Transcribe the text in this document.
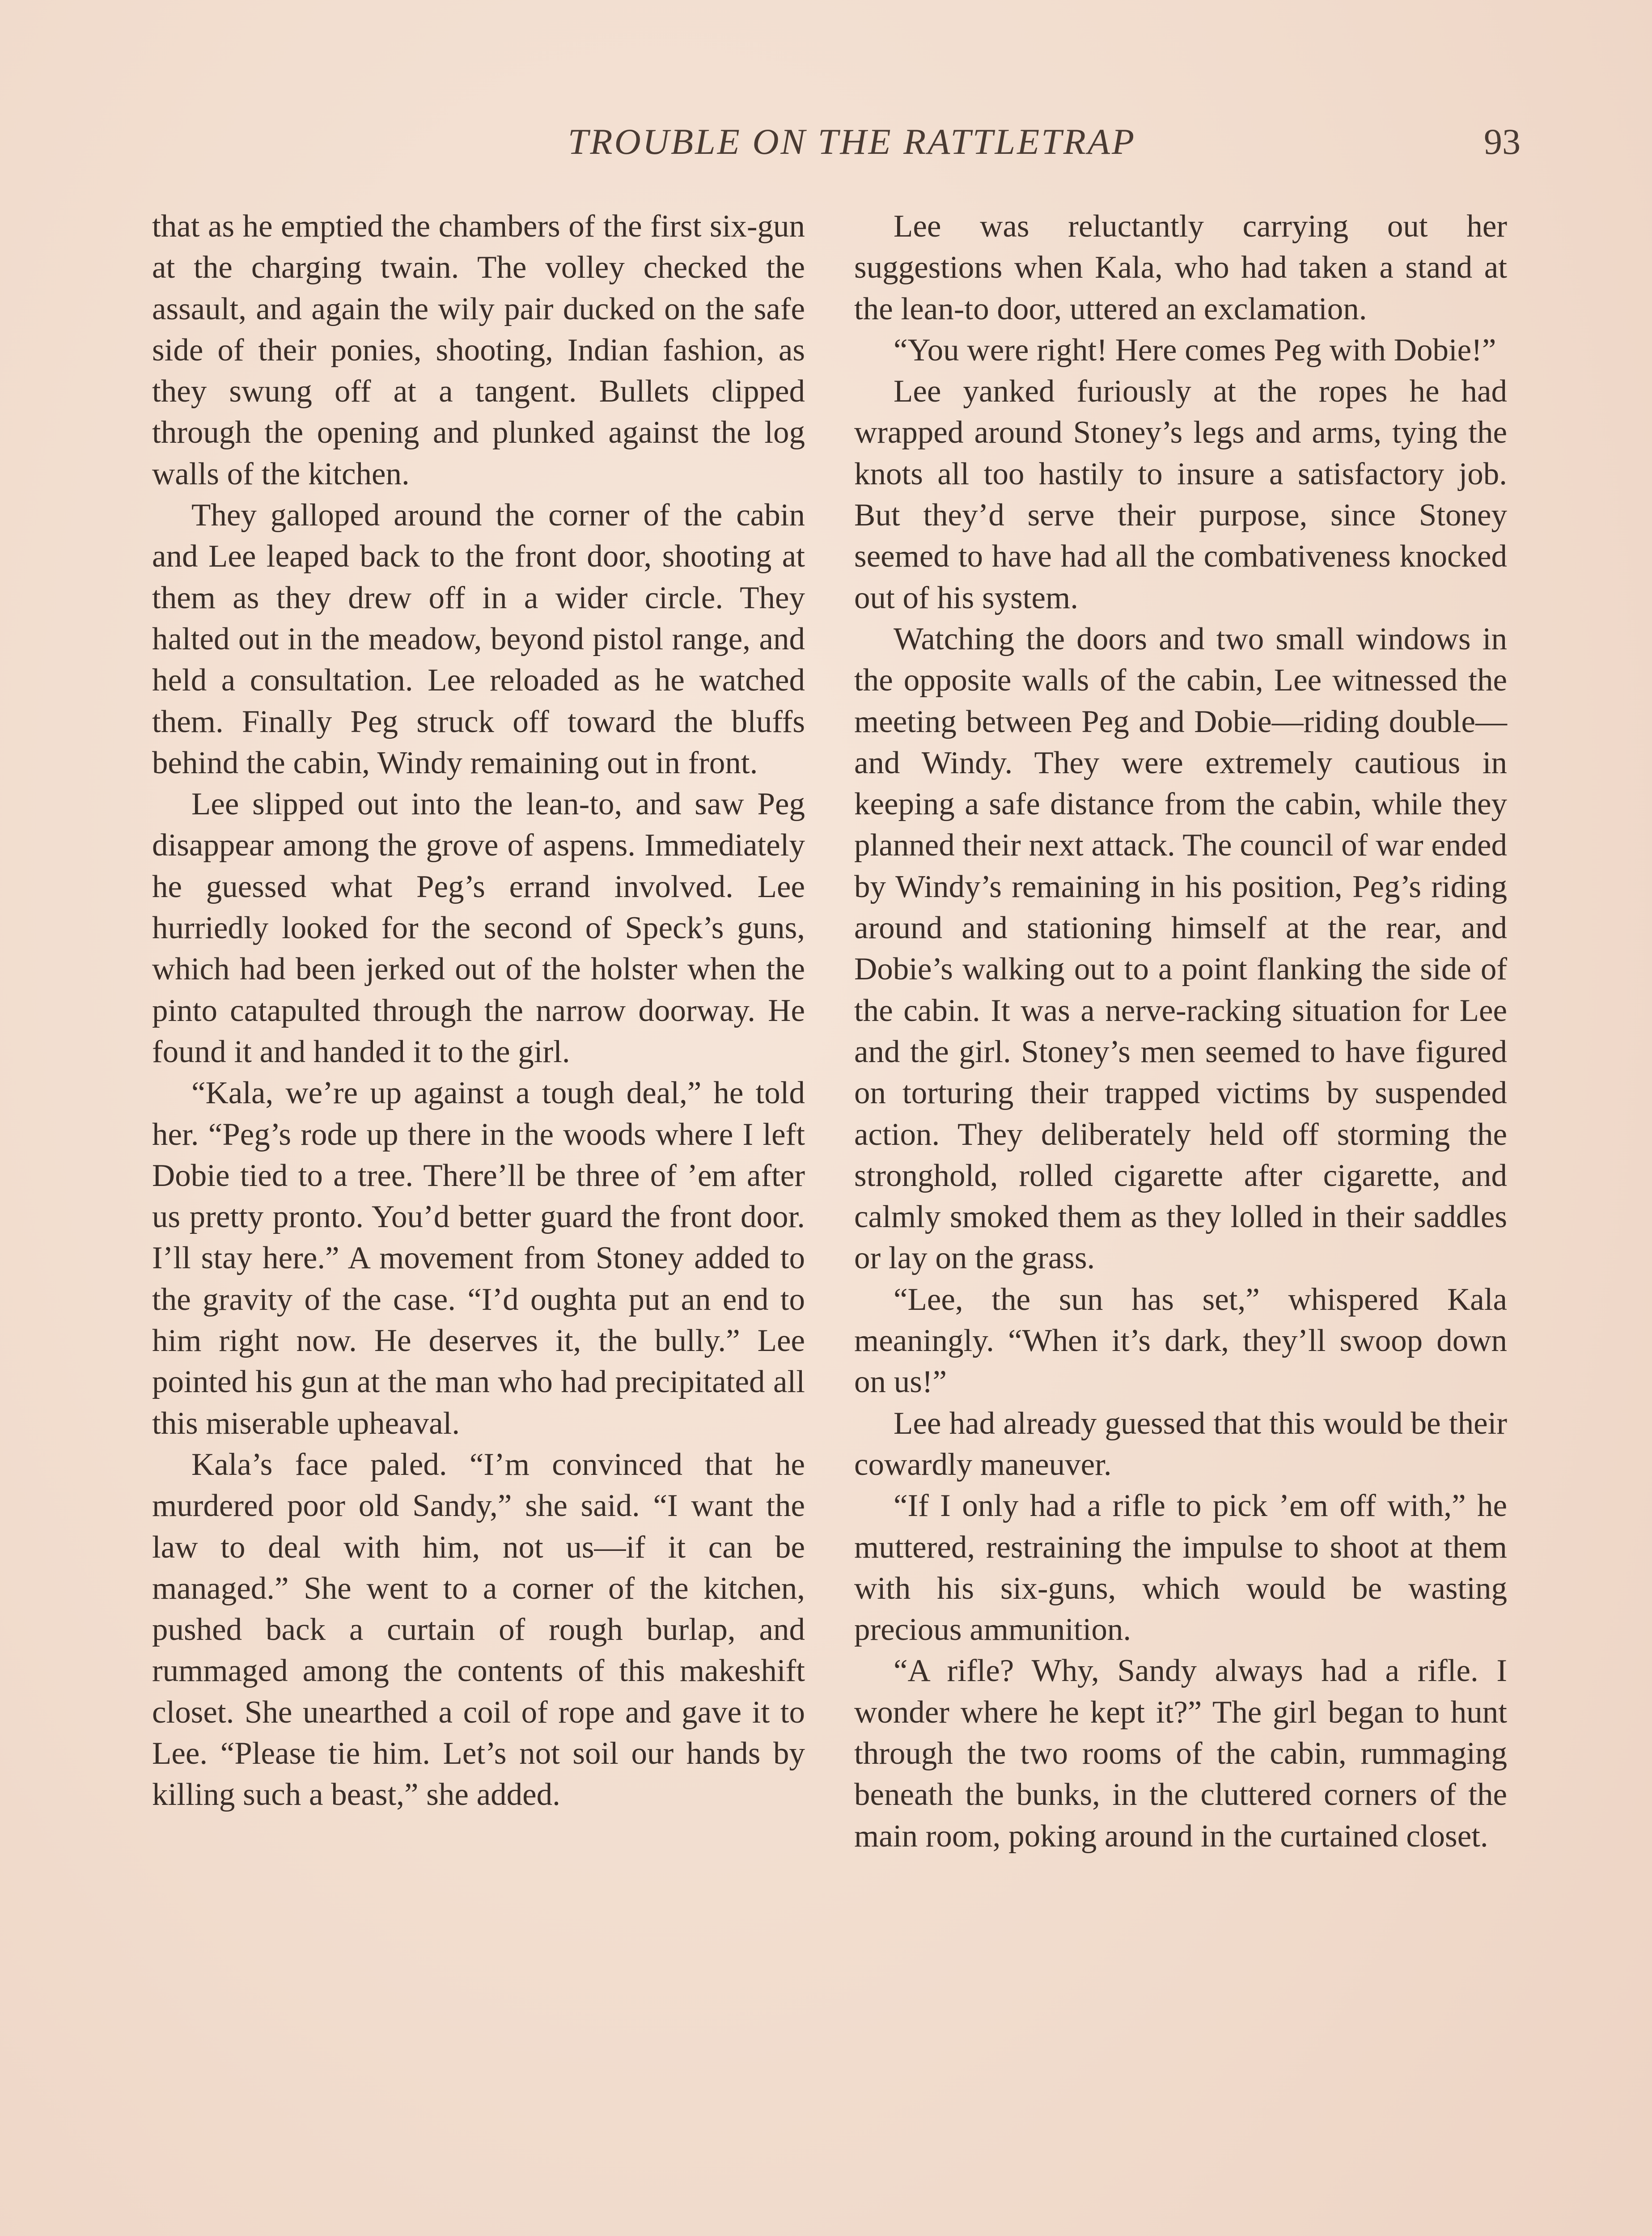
TROUBLE ON THE RATTLETRAP	93

that as he emptied the chambers of the first six-gun at the charging twain. The volley checked the assault, and again the wily pair ducked on the safe side of their ponies, shooting, Indian fashion, as they swung off at a tangent. Bullets clipped through the opening and plunked against the log walls of the kitchen.

They galloped around the corner of the cabin and Lee leaped back to the front door, shooting at them as they drew off in a wider circle. They halted out in the meadow, beyond pistol range, and held a consultation. Lee reloaded as he watched them. Finally Peg struck off toward the bluffs behind the cabin, Windy remaining out in front.

Lee slipped out into the lean-to, and saw Peg disappear among the grove of aspens. Immediately he guessed what Peg’s errand involved. Lee hurriedly looked for the second of Speck’s guns, which had been jerked out of the holster when the pinto catapulted through the narrow doorway. He found it and handed it to the girl.

“Kala, we’re up against a tough deal,” he told her. “Peg’s rode up there in the woods where I left Dobie tied to a tree. There’ll be three of ’em after us pretty pronto. You’d better guard the front door. I’ll stay here.” A movement from Stoney added to the gravity of the case. “I’d oughta put an end to him right now. He deserves it, the bully.” Lee pointed his gun at the man who had precipitated all this miserable upheaval.

Kala’s face paled. “I’m convinced that he murdered poor old Sandy,” she said. “I want the law to deal with him, not us—if it can be managed.” She went to a corner of the kitchen, pushed back a curtain of rough burlap, and rummaged among the contents of this makeshift closet. She unearthed a coil of rope and gave it to Lee. “Please tie him. Let’s not soil our hands by killing such a beast,” she added.

Lee was reluctantly carrying out her suggestions when Kala, who had taken a stand at the lean-to door, uttered an exclamation.

“You were right! Here comes Peg with Dobie!”

Lee yanked furiously at the ropes he had wrapped around Stoney’s legs and arms, tying the knots all too hastily to insure a satisfactory job. But they’d serve their purpose, since Stoney seemed to have had all the combativeness knocked out of his system.

Watching the doors and two small windows in the opposite walls of the cabin, Lee witnessed the meeting between Peg and Dobie—riding double—and Windy. They were extremely cautious in keeping a safe distance from the cabin, while they planned their next attack. The council of war ended by Windy’s remaining in his position, Peg’s riding around and stationing himself at the rear, and Dobie’s walking out to a point flanking the side of the cabin. It was a nerve-racking situation for Lee and the girl. Stoney’s men seemed to have figured on torturing their trapped victims by suspended action. They deliberately held off storming the stronghold, rolled cigarette after cigarette, and calmly smoked them as they lolled in their saddles or lay on the grass.

“Lee, the sun has set,” whispered Kala meaningly. “When it’s dark, they’ll swoop down on us!”

Lee had already guessed that this would be their cowardly maneuver.

“If I only had a rifle to pick ’em off with,” he muttered, restraining the impulse to shoot at them with his six-guns, which would be wasting precious ammunition.

“A rifle? Why, Sandy always had a rifle. I wonder where he kept it?” The girl began to hunt through the two rooms of the cabin, rummaging beneath the bunks, in the cluttered corners of the main room, poking around in the curtained closet.
